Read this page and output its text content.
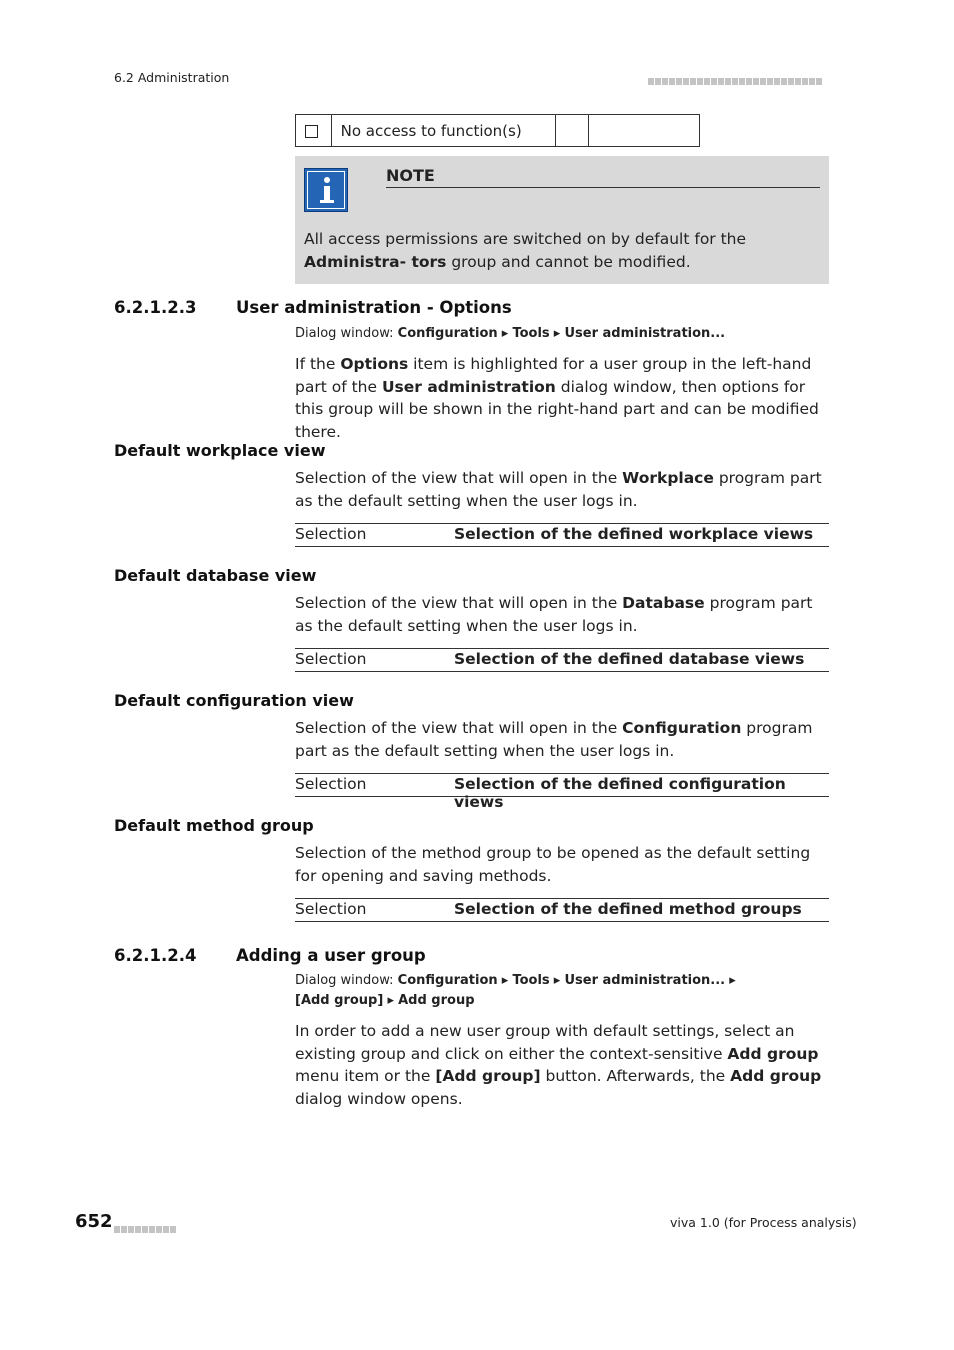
6.2 Administration
	No access to function(s)		
NOTE
All access permissions are switched on by default for the Administra- tors group and cannot be modified.
6.2.1.2.3 User administration - Options
Dialog window: Configuration ▸ Tools ▸ User administration...
If the Options item is highlighted for a user group in the left-hand part of the User administration dialog window, then options for this group will be shown in the right-hand part and can be modified there.
Default workplace view
Selection of the view that will open in the Workplace program part as the default setting when the user logs in.
Selection	Selection of the defined workplace views
Default database view
Selection of the view that will open in the Database program part as the default setting when the user logs in.
Selection	Selection of the defined database views
Default configuration view
Selection of the view that will open in the Configuration program part as the default setting when the user logs in.
Selection	Selection of the defined configuration views
Default method group
Selection of the method group to be opened as the default setting for opening and saving methods.
Selection	Selection of the defined method groups
6.2.1.2.4 Adding a user group
Dialog window: Configuration ▸ Tools ▸ User administration... ▸ [Add group] ▸ Add group
In order to add a new user group with default settings, select an existing group and click on either the context-sensitive Add group menu item or the [Add group] button. Afterwards, the Add group dialog window opens.
652	viva 1.0 (for Process analysis)
